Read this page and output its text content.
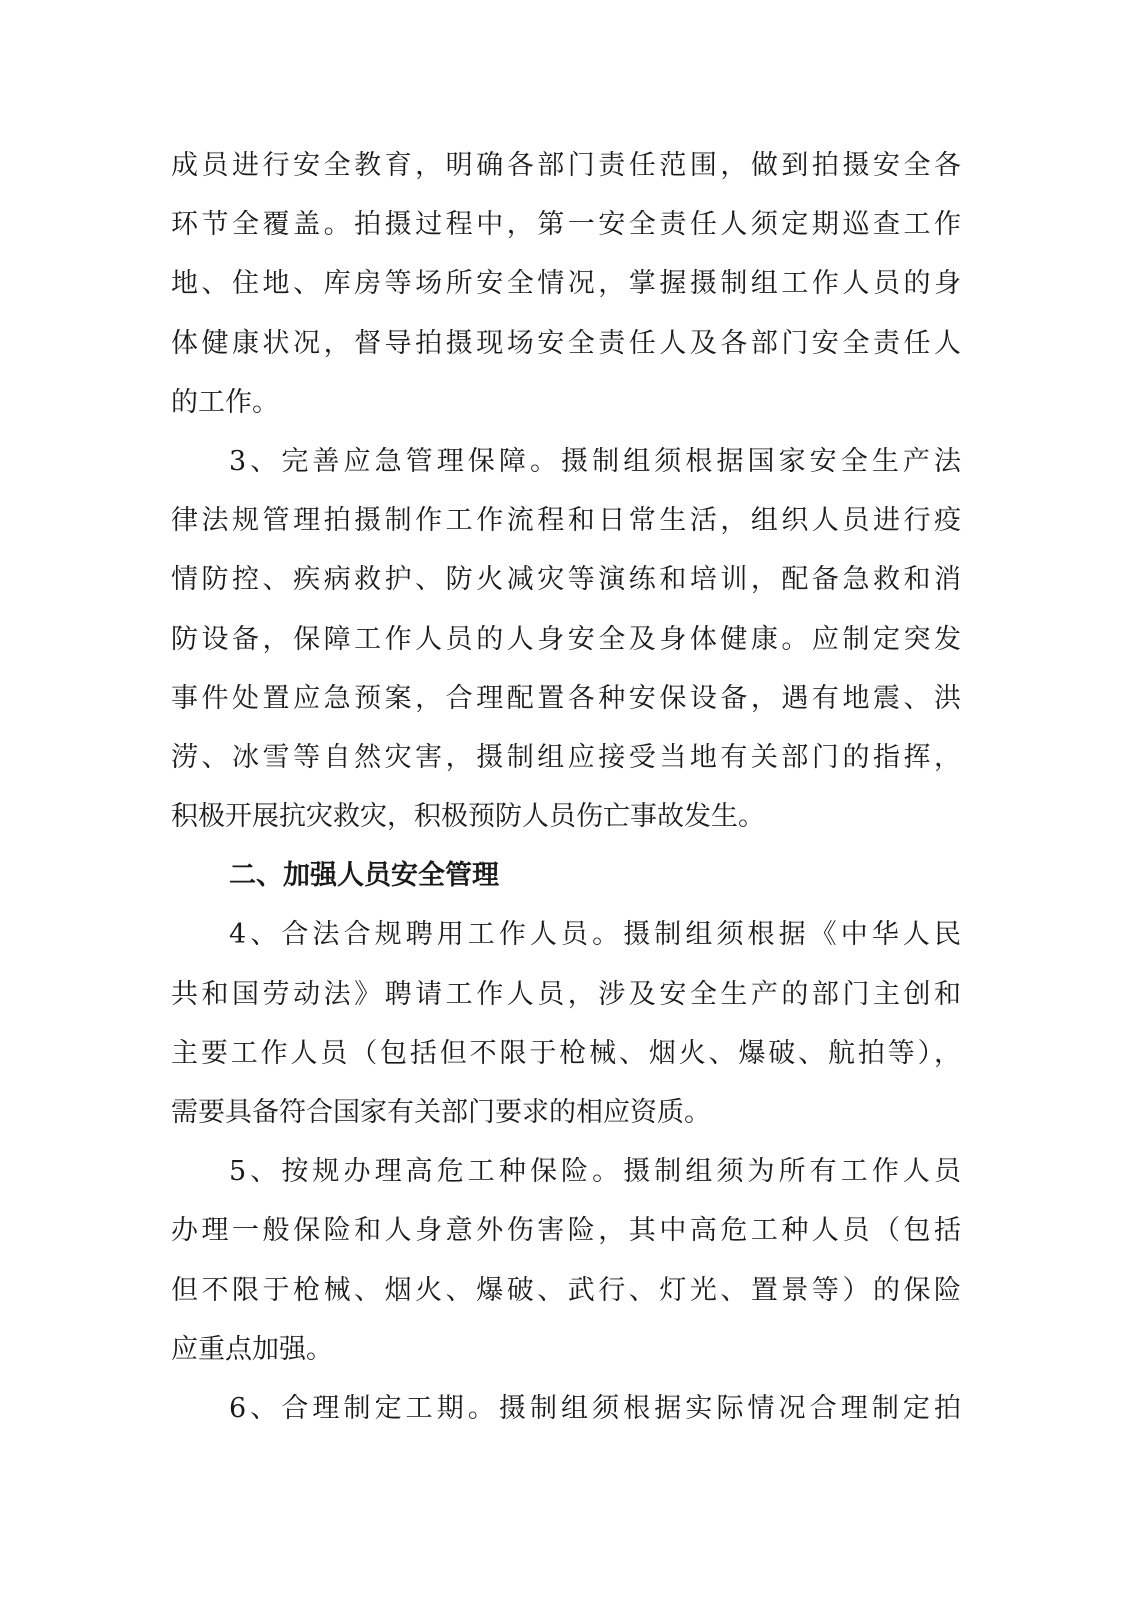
成员进行安全教育，明确各部门责任范围，做到拍摄安全各
环节全覆盖。拍摄过程中，第一安全责任人须定期巡查工作
地、住地、库房等场所安全情况，掌握摄制组工作人员的身
体健康状况，督导拍摄现场安全责任人及各部门安全责任人
的工作。
3、完善应急管理保障。摄制组须根据国家安全生产法
律法规管理拍摄制作工作流程和日常生活，组织人员进行疫
情防控、疾病救护、防火减灾等演练和培训，配备急救和消
防设备，保障工作人员的人身安全及身体健康。应制定突发
事件处置应急预案，合理配置各种安保设备，遇有地震、洪
涝、冰雪等自然灾害，摄制组应接受当地有关部门的指挥，
积极开展抗灾救灾，积极预防人员伤亡事故发生。
二、加强人员安全管理
4、合法合规聘用工作人员。摄制组须根据《中华人民
共和国劳动法》聘请工作人员，涉及安全生产的部门主创和
主要工作人员（包括但不限于枪械、烟火、爆破、航拍等），
需要具备符合国家有关部门要求的相应资质。
5、按规办理高危工种保险。摄制组须为所有工作人员
办理一般保险和人身意外伤害险，其中高危工种人员（包括
但不限于枪械、烟火、爆破、武行、灯光、置景等）的保险
应重点加强。
6、合理制定工期。摄制组须根据实际情况合理制定拍
